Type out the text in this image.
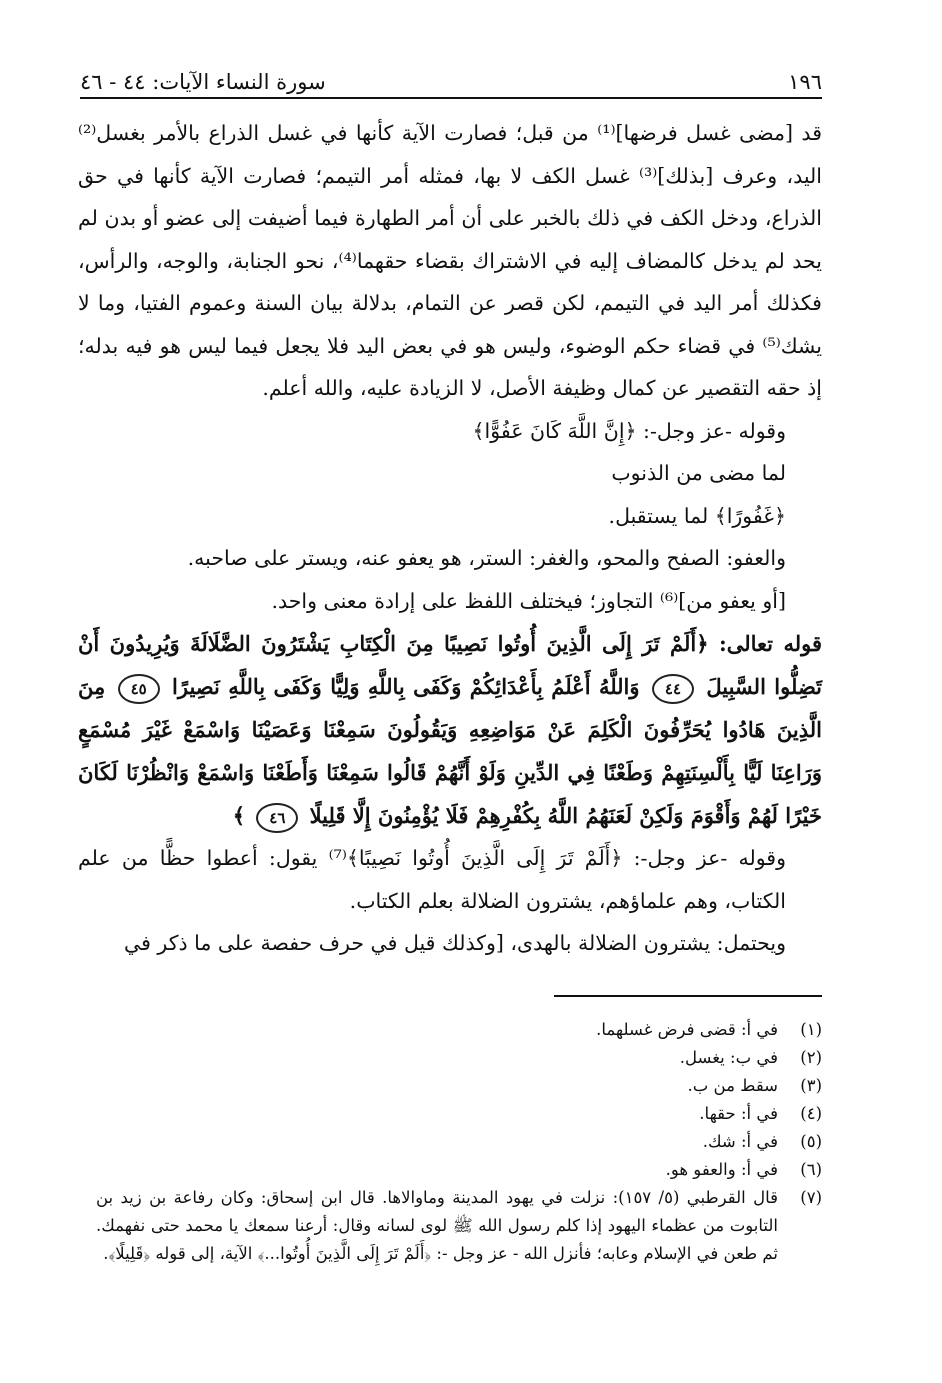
١٩٦
سورة النساء الآيات: ٤٤ - ٤٦

قد [مضى غسل فرضها]⁽¹⁾ من قبل؛ فصارت الآية كأنها في غسل الذراع بالأمر بغسل⁽²⁾ اليد، وعرف [بذلك]⁽³⁾ غسل الكف لا بها، فمثله أمر التيمم؛ فصارت الآية كأنها في حق الذراع، ودخل الكف في ذلك بالخبر على أن أمر الطهارة فيما أضيفت إلى عضو أو بدن لم يحد لم يدخل كالمضاف إليه في الاشتراك بقضاء حقهما⁽⁴⁾، نحو الجنابة، والوجه، والرأس، فكذلك أمر اليد في التيمم، لكن قصر عن التمام، بدلالة بيان السنة وعموم الفتيا، وما لا يشك⁽⁵⁾ في قضاء حكم الوضوء، وليس هو في بعض اليد فلا يجعل فيما ليس هو فيه بدله؛ إذ حقه التقصير عن كمال وظيفة الأصل، لا الزيادة عليه، والله أعلم.

وقوله -عز وجل-: ﴿إِنَّ اللَّهَ كَانَ عَفُوًّا﴾

لما مضى من الذنوب

﴿غَفُورًا﴾ لما يستقبل.

والعفو: الصفح والمحو، والغفر: الستر، هو يعفو عنه، ويستر على صاحبه.

[أو يعفو من]⁽⁶⁾ التجاوز؛ فيختلف اللفظ على إرادة معنى واحد.

قوله تعالى: ﴿أَلَمْ تَرَ إِلَى الَّذِينَ أُوتُوا نَصِيبًا مِنَ الْكِتَابِ يَشْتَرُونَ الضَّلَالَةَ وَيُرِيدُونَ أَنْ تَضِلُّوا السَّبِيلَ ٤٤ وَاللَّهُ أَعْلَمُ بِأَعْدَائِكُمْ وَكَفَى بِاللَّهِ وَلِيًّا وَكَفَى بِاللَّهِ نَصِيرًا ٤٥ مِنَ الَّذِينَ هَادُوا يُحَرِّفُونَ الْكَلِمَ عَنْ مَوَاضِعِهِ وَيَقُولُونَ سَمِعْنَا وَعَصَيْنَا وَاسْمَعْ غَيْرَ مُسْمَعٍ وَرَاعِنَا لَيًّا بِأَلْسِنَتِهِمْ وَطَعْنًا فِي الدِّينِ وَلَوْ أَنَّهُمْ قَالُوا سَمِعْنَا وَأَطَعْنَا وَاسْمَعْ وَانْظُرْنَا لَكَانَ خَيْرًا لَهُمْ وَأَقْوَمَ وَلَكِنْ لَعَنَهُمُ اللَّهُ بِكُفْرِهِمْ فَلَا يُؤْمِنُونَ إِلَّا قَلِيلًا ٤٦ ﴾

وقوله -عز وجل-: ﴿أَلَمْ تَرَ إِلَى الَّذِينَ أُوتُوا نَصِيبًا﴾⁽⁷⁾ يقول: أعطوا حظًّا من علم الكتاب، وهم علماؤهم، يشترون الضلالة بعلم الكتاب.

ويحتمل: يشترون الضلالة بالهدى، [وكذلك قيل في حرف حفصة على ما ذكر في

(١)
في أ: قضى فرض غسلهما.
(٢)
في ب: يغسل.
(٣)
سقط من ب.
(٤)
في أ: حقها.
(٥)
في أ: شك.
(٦)
في أ: والعفو هو.
(٧)
قال القرطبي (٥/ ١٥٧): نزلت في يهود المدينة وماوالاها. قال ابن إسحاق: وكان رفاعة بن زيد بن التابوت من عظماء اليهود إذا كلم رسول الله ﷺ لوى لسانه وقال: أرعنا سمعك يا محمد حتى نفهمك. ثم طعن في الإسلام وعابه؛ فأنزل الله - عز وجل -: ﴿أَلَمْ تَرَ إِلَى الَّذِينَ أُوتُوا...﴾ الآية، إلى قوله ﴿قَلِيلًا﴾.
